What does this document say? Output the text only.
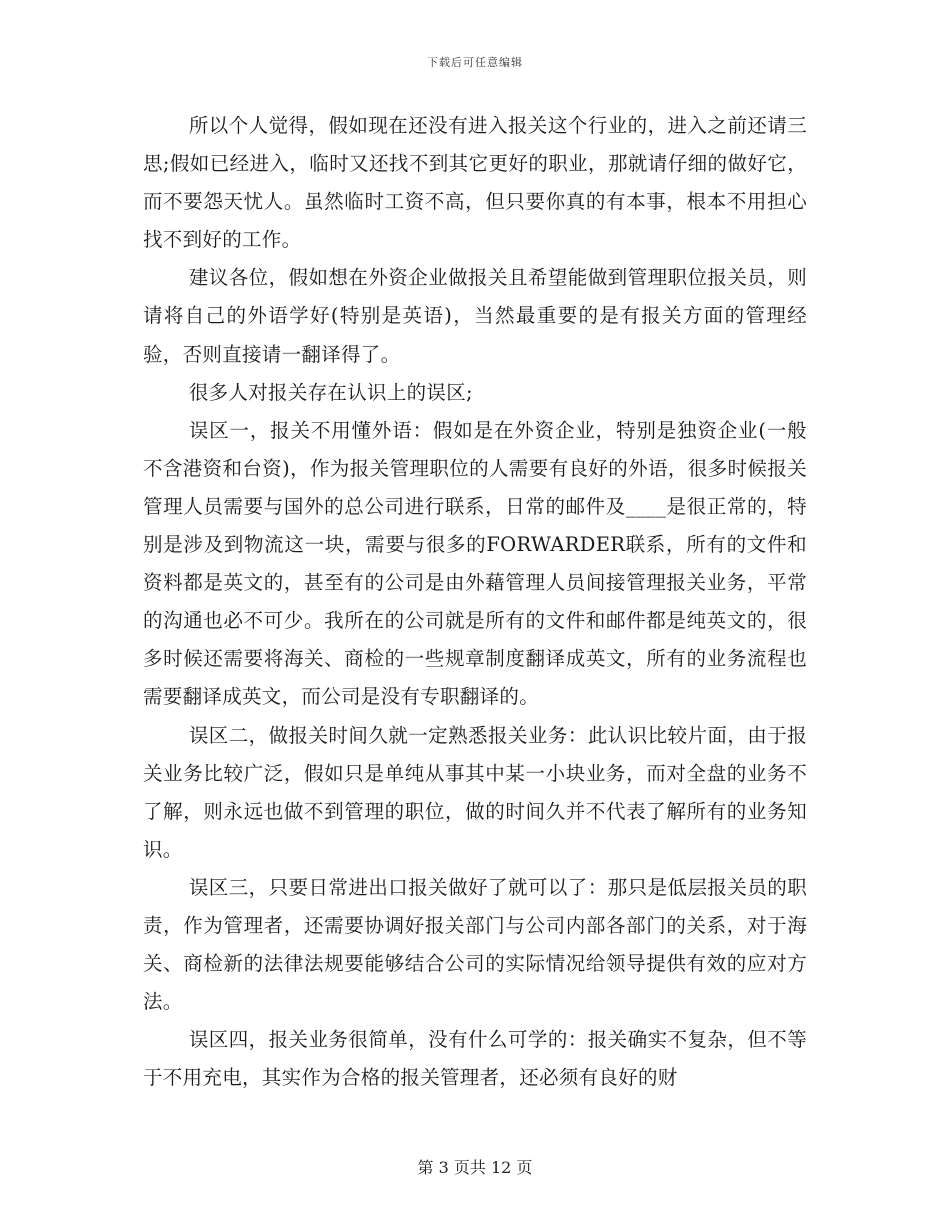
下载后可任意编辑

所以个人觉得，假如现在还没有进入报关这个行业的，进入之前还请三思;假如已经进入，临时又还找不到其它更好的职业，那就请仔细的做好它，而不要怨天忧人。虽然临时工资不高，但只要你真的有本事，根本不用担心找不到好的工作。

建议各位，假如想在外资企业做报关且希望能做到管理职位报关员，则请将自己的外语学好(特别是英语)，当然最重要的是有报关方面的管理经验，否则直接请一翻译得了。

很多人对报关存在认识上的误区;

误区一，报关不用懂外语：假如是在外资企业，特别是独资企业(一般不含港资和台资)，作为报关管理职位的人需要有良好的外语，很多时候报关管理人员需要与国外的总公司进行联系，日常的邮件及____是很正常的，特别是涉及到物流这一块，需要与很多的FORWARDER联系，所有的文件和资料都是英文的，甚至有的公司是由外藉管理人员间接管理报关业务，平常的沟通也必不可少。我所在的公司就是所有的文件和邮件都是纯英文的，很多时候还需要将海关、商检的一些规章制度翻译成英文，所有的业务流程也需要翻译成英文，而公司是没有专职翻译的。

误区二，做报关时间久就一定熟悉报关业务：此认识比较片面，由于报关业务比较广泛，假如只是单纯从事其中某一小块业务，而对全盘的业务不了解，则永远也做不到管理的职位，做的时间久并不代表了解所有的业务知识。

误区三，只要日常进出口报关做好了就可以了：那只是低层报关员的职责，作为管理者，还需要协调好报关部门与公司内部各部门的关系，对于海关、商检新的法律法规要能够结合公司的实际情况给领导提供有效的应对方法。

误区四，报关业务很简单，没有什么可学的：报关确实不复杂，但不等于不用充电，其实作为合格的报关管理者，还必须有良好的财

第 3 页共 12 页
